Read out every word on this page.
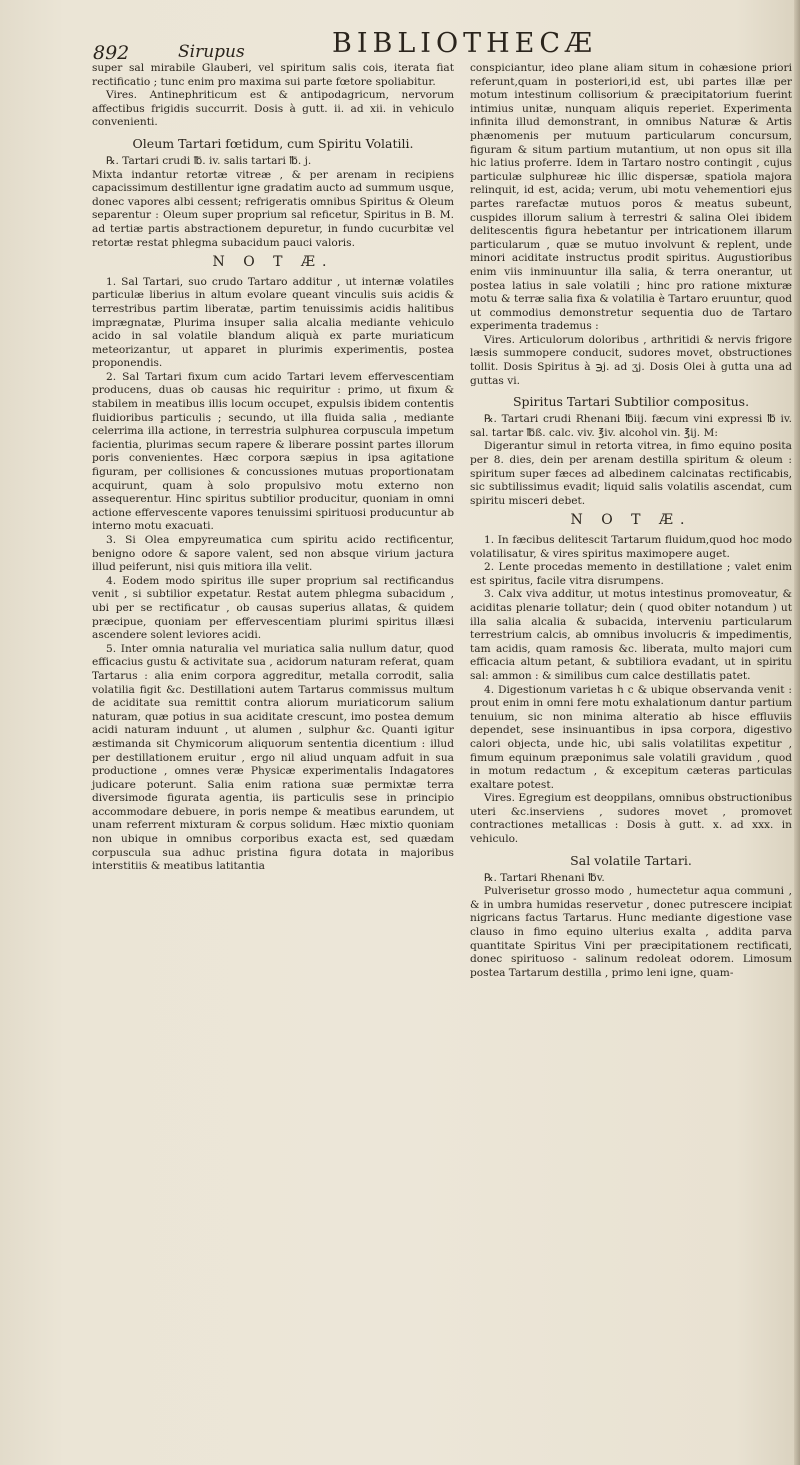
892	Sirupus	BIBLIOTHECÆ

super sal mirabile Glauberi, vel spiritum salis cois, iterata fiat rectificatio ; tunc enim pro maxima sui parte fœtore spoliabitur.

Vires. Antinephriticum est & antipodagricum, nervorum affectibus frigidis succurrit. Dosis à gutt. ii. ad xii. in vehiculo convenienti.

Oleum Tartari fœtidum, cum Spiritu Volatili.

℞. Tartari crudi ℔. iv. salis tartari ℔. j.

Mixta indantur retortæ vitreæ , & per arenam in recipiens capacissimum destillentur igne gradatim aucto ad summum usque, donec vapores albi cessent; refrigeratis omnibus Spiritus & Oleum separentur : Oleum super proprium sal reficetur, Spiritus in B. M. ad tertiæ partis abstractionem depuretur, in fundo cucurbitæ vel retortæ restat phlegma subacidum pauci valoris.

N O T Æ.

1. Sal Tartari, suo crudo Tartaro additur , ut internæ volatiles particulæ liberius in altum evolare queant vinculis suis acidis & terrestribus partim liberatæ, partim tenuissimis acidis halitibus imprægnatæ, Plurima insuper salia alcalia mediante vehiculo acido in sal volatile blandum aliquà ex parte muriaticum meteorizantur, ut apparet in plurimis experimentis, postea proponendis.

2. Sal Tartari fixum cum acido Tartari levem effervescentiam producens, duas ob causas hic requiritur : primo, ut fixum & stabilem in meatibus illis locum occupet, expulsis ibidem contentis fluidioribus particulis ; secundo, ut illa fluida salia , mediante celerrima illa actione, in terrestria sulphurea corpuscula impetum facientia, plurimas secum rapere & liberare possint partes illorum poris convenientes. Hæc corpora sæpius in ipsa agitatione figuram, per collisiones & concussiones mutuas proportionatam acquirunt, quam à solo propulsivo motu externo non assequerentur. Hinc spiritus subtilior producitur, quoniam in omni actione effervescente vapores tenuissimi spirituosi producuntur ab interno motu exacuati.

3. Si Olea empyreumatica cum spiritu acido rectificentur, benigno odore & sapore valent, sed non absque virium jactura illud peiferunt, nisi quis mitiora illa velit.

4. Eodem modo spiritus ille super proprium sal rectificandus venit , si subtilior expetatur. Restat autem phlegma subacidum , ubi per se rectificatur , ob causas superius allatas, & quidem præcipue, quoniam per effervescentiam plurimi spiritus illæsi ascendere solent leviores acidi.

5. Inter omnia naturalia vel muriatica salia nullum datur, quod efficacius gustu & activitate sua , acidorum naturam referat, quam Tartarus : alia enim corpora aggreditur, metalla corrodit, salia volatilia figit &c. Destillationi autem Tartarus commissus multum de aciditate sua remittit contra aliorum muriaticorum salium naturam, quæ potius in sua aciditate crescunt, imo postea demum acidi naturam induunt , ut alumen , sulphur &c. Quanti igitur æstimanda sit Chymicorum aliquorum sententia dicentium : illud per destillationem eruitur , ergo nil aliud unquam adfuit in sua productione , omnes veræ Physicæ experimentalis Indagatores judicare poterunt. Salia enim rationa suæ permixtæ terra diversimode figurata agentia, iis particulis sese in principio accommodare debuere, in poris nempe & meatibus earundem, ut unam referrent mixturam & corpus solidum. Hæc mixtio quoniam non ubique in omnibus corporibus exacta est, sed quædam corpuscula sua adhuc pristina figura dotata in majoribus interstitiis & meatibus latitantia

conspiciantur, ideo plane aliam situm in cohæsione priori referunt,quam in posteriori,id est, ubi partes illæ per motum intestinum collisorium & præcipitatorium fuerint intimius unitæ, nunquam aliquis reperiet. Experimenta infinita illud demonstrant, in omnibus Naturæ & Artis phænomenis per mutuum particularum concursum, figuram & situm partium mutantium, ut non opus sit illa hic latius proferre. Idem in Tartaro nostro contingit , cujus particulæ sulphureæ hic illic dispersæ, spatiola majora relinquit, id est, acida; verum, ubi motu vehementiori ejus partes rarefactæ mutuos poros & meatus subeunt, cuspides illorum salium à terrestri & salina Olei ibidem delitescentis figura hebetantur per intricationem illarum particularum , quæ se mutuo involvunt & replent, unde minori aciditate instructus prodit spiritus. Augustioribus enim viis inminuuntur illa salia, & terra onerantur, ut postea latius in sale volatili ; hinc pro ratione mixturæ motu & terræ salia fixa & volatilia è Tartaro eruuntur, quod ut commodius demonstretur sequentia duo de Tartaro experimenta trademus :

Vires. Articulorum doloribus , arthritidi & nervis frigore læsis summopere conducit, sudores movet, obstructiones tollit. Dosis Spiritus à ℈j. ad ʒj. Dosis Olei à gutta una ad guttas vi.

Spiritus Tartari Subtilior compositus.

℞. Tartari crudi Rhenani ℔iij. fæcum vini expressi ℔ iv. sal. tartar ℔ß. calc. viv. ℥iv. alcohol vin. ℥ij. M:

Digerantur simul in retorta vitrea, in fimo equino posita per 8. dies, dein per arenam destilla spiritum & oleum : spiritum super fæces ad albedinem calcinatas rectificabis, sic subtilissimus evadit; liquid salis volatilis ascendat, cum spiritu misceri debet.

N O T Æ.

1. In fæcibus delitescit Tartarum fluidum,quod hoc modo volatilisatur, & vires spiritus maximopere auget.

2. Lente procedas memento in destillatione ; valet enim est spiritus, facile vitra disrumpens.

3. Calx viva additur, ut motus intestinus promoveatur, & aciditas plenarie tollatur; dein ( quod obiter notandum ) ut illa salia alcalia & subacida, interveniu particularum terrestrium calcis, ab omnibus involucris & impedimentis, tam acidis, quam ramosis &c. liberata, multo majori cum efficacia altum petant, & subtiliora evadant, ut in spiritu sal: ammon : & similibus cum calce destillatis patet.

4. Digestionum varietas h c & ubique observanda venit : prout enim in omni fere motu exhalationum dantur partium tenuium, sic non minima alteratio ab hisce effluviis dependet, sese insinuantibus in ipsa corpora, digestivo calori objecta, unde hic, ubi salis volatilitas expetitur , fimum equinum præponimus sale volatili gravidum , quod in motum redactum , & excepitum cæteras particulas exaltare potest.

Vires. Egregium est deoppilans, omnibus obstructionibus uteri &c.inserviens , sudores movet , promovet contractiones metallicas : Dosis à gutt. x. ad xxx. in vehiculo.

Sal volatile Tartari.

℞. Tartari Rhenani ℔v.

Pulverisetur grosso modo , humectetur aqua communi , & in umbra humidas reservetur , donec putrescere incipiat nigricans factus Tartarus. Hunc mediante digestione vase clauso in fimo equino ulterius exalta , addita parva quantitate Spiritus Vini per præcipitationem rectificati, donec spirituoso - salinum redoleat odorem. Limosum postea Tartarum destilla , primo leni igne, quam-
